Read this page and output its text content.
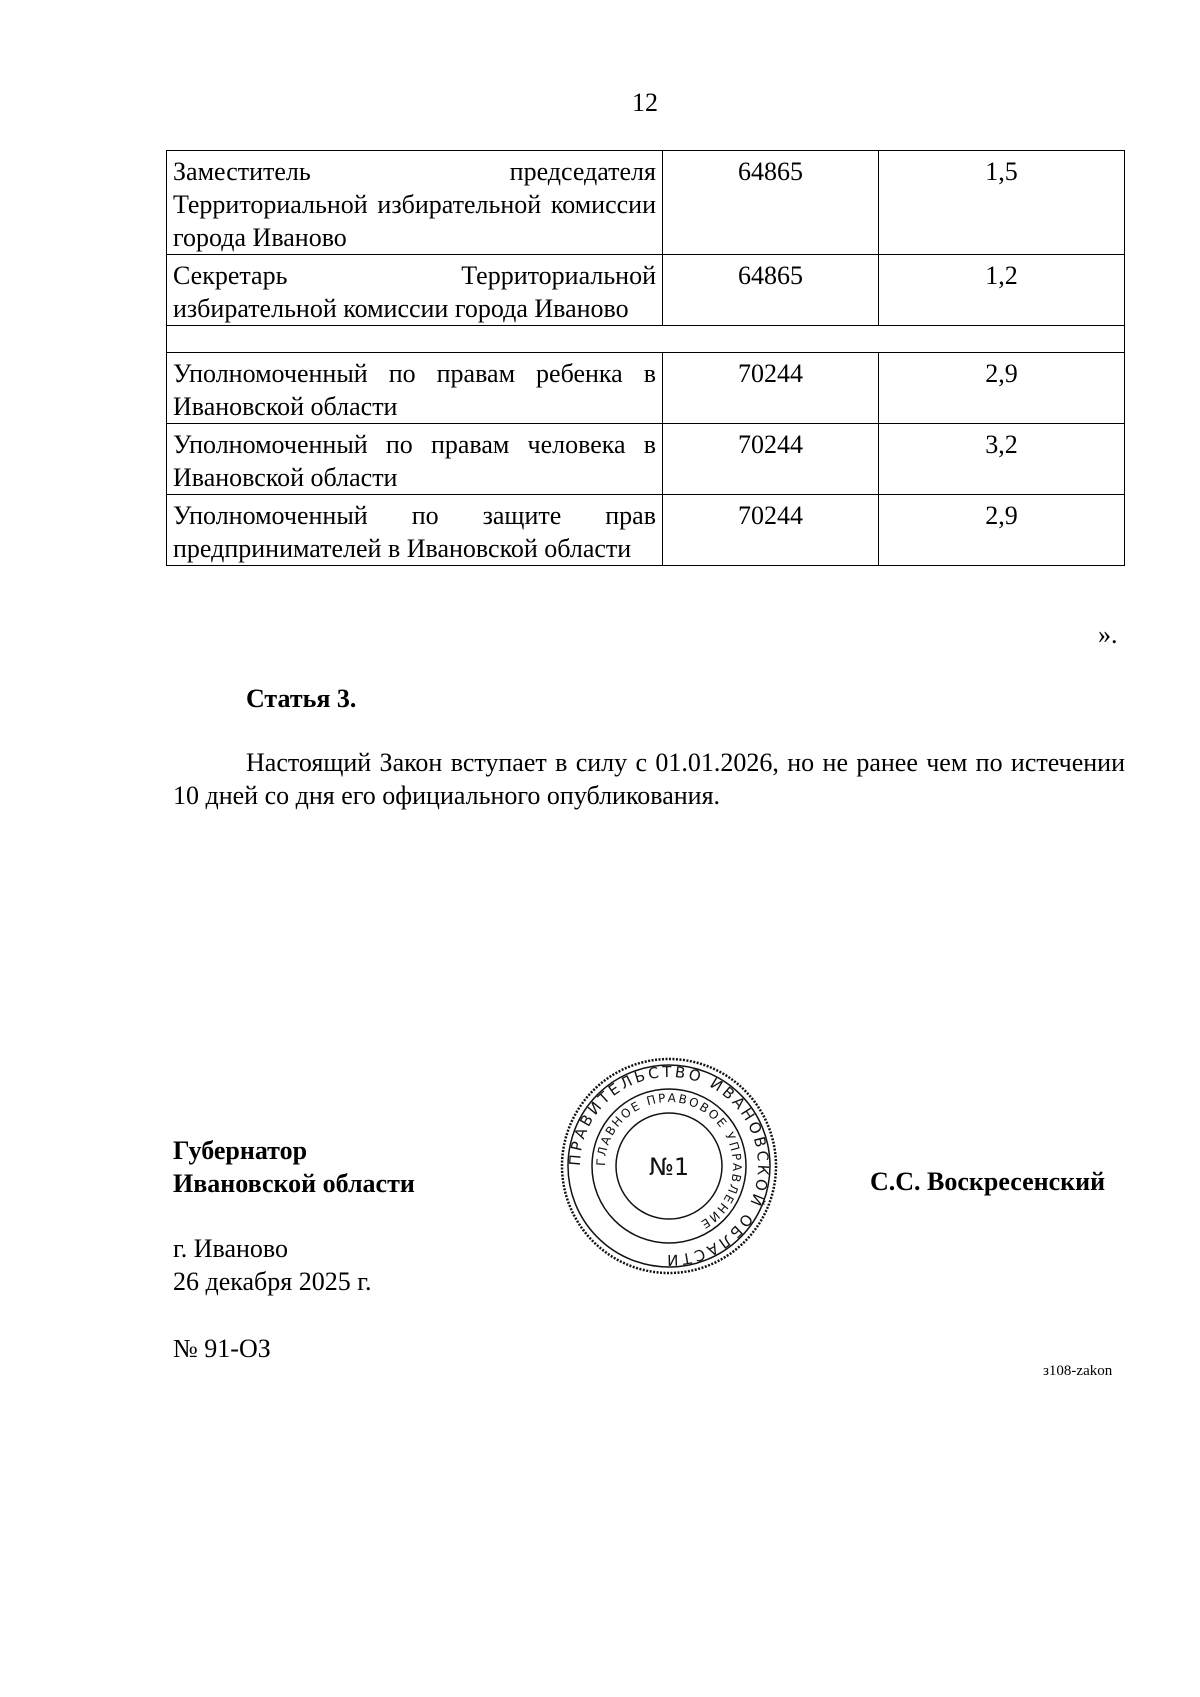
12
Заместитель председателя Территориальной избирательной комиссии города Иваново	64865	1,5
Секретарь Территориальной избирательной комиссии города Иваново	64865	1,2

Уполномоченный по правам ребенка в Ивановской области	70244	2,9
Уполномоченный по правам человека в Ивановской области	70244	3,2
Уполномоченный по защите прав предпринимателей в Ивановской области	70244	2,9
».
Статья 3.
Настоящий Закон вступает в силу с 01.01.2026, но не ранее чем по истечении 10 дней со дня его официального опубликования.
Губернатор
Ивановской области
ПРАВИТЕЛЬСТВО ИВАНОВСКОЙ ОБЛАСТИ
ГЛАВНОЕ ПРАВОВОЕ УПРАВЛЕНИЕ
№1	С.С. Воскресенский
г. Иваново
26 декабря 2025 г.
№ 91-ОЗ
з108-zakon
